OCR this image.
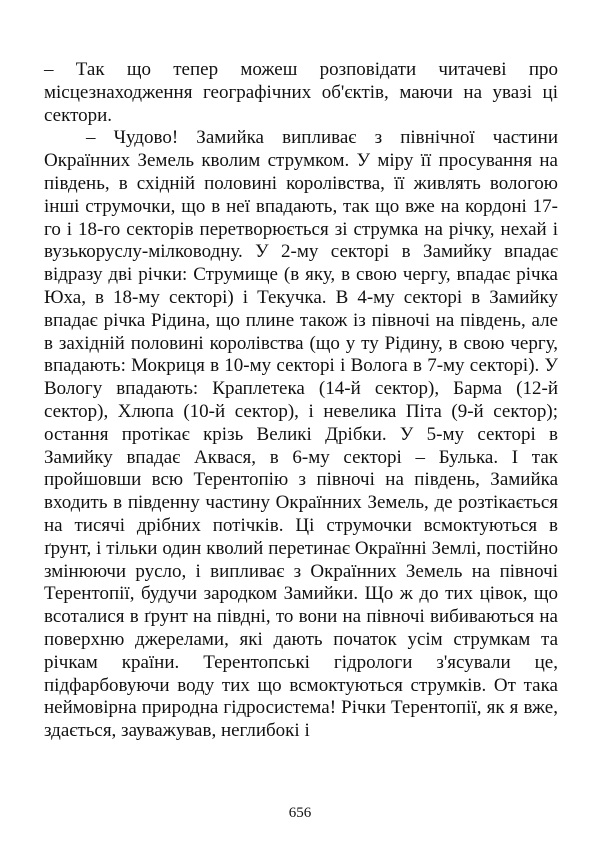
– Так що тепер можеш розповідати читачеві про місцезнаходження географічних об'єктів, маючи на увазі ці сектори.

– Чудово! Замийка випливає з північної частини Окраїнних Земель кволим струмком. У міру її просування на південь, в східній половині королівства, її живлять вологою інші струмочки, що в неї впадають, так що вже на кордоні 17-го і 18-го секторів перетворюється зі струмка на річку, нехай і вузькоруслу-мілководну. У 2-му секторі в Замийку впадає відразу дві річки: Струмище (в яку, в свою чергу, впадає річка Юха, в 18-му секторі) і Текучка. В 4-му секторі в Замийку впадає річка Рідина, що плине також із півночі на південь, але в західній половині королівства (що у ту Рідину, в свою чергу, впадають: Мокриця в 10-му секторі і Волога в 7-му секторі). У Вологу впадають: Краплетека (14-й сектор), Барма (12-й сектор), Хлюпа (10-й сектор), і невелика Піта (9-й сектор); остання протікає крізь Великі Дрібки. У 5-му секторі в Замийку впадає Аквася, в 6-му секторі – Булька. І так пройшовши всю Терентопію з півночі на південь, Замийка входить в південну частину Окраїнних Земель, де розтікається на тисячі дрібних потічків. Ці струмочки всмоктуються в ґрунт, і тільки один кволий перетинає Окраїнні Землі, постійно змінюючи русло, і випливає з Окраїнних Земель на півночі Терентопії, будучи зародком Замийки. Що ж до тих цівок, що всоталися в ґрунт на півдні, то вони на півночі вибиваються на поверхню джерелами, які дають початок усім струмкам та річкам країни. Терентопські гідрологи з'ясували це, підфарбовуючи воду тих що всмоктуються струмків. От така неймовірна природна гідросистема! Річки Терентопії, як я вже, здається, зауважував, неглибокі і

656
